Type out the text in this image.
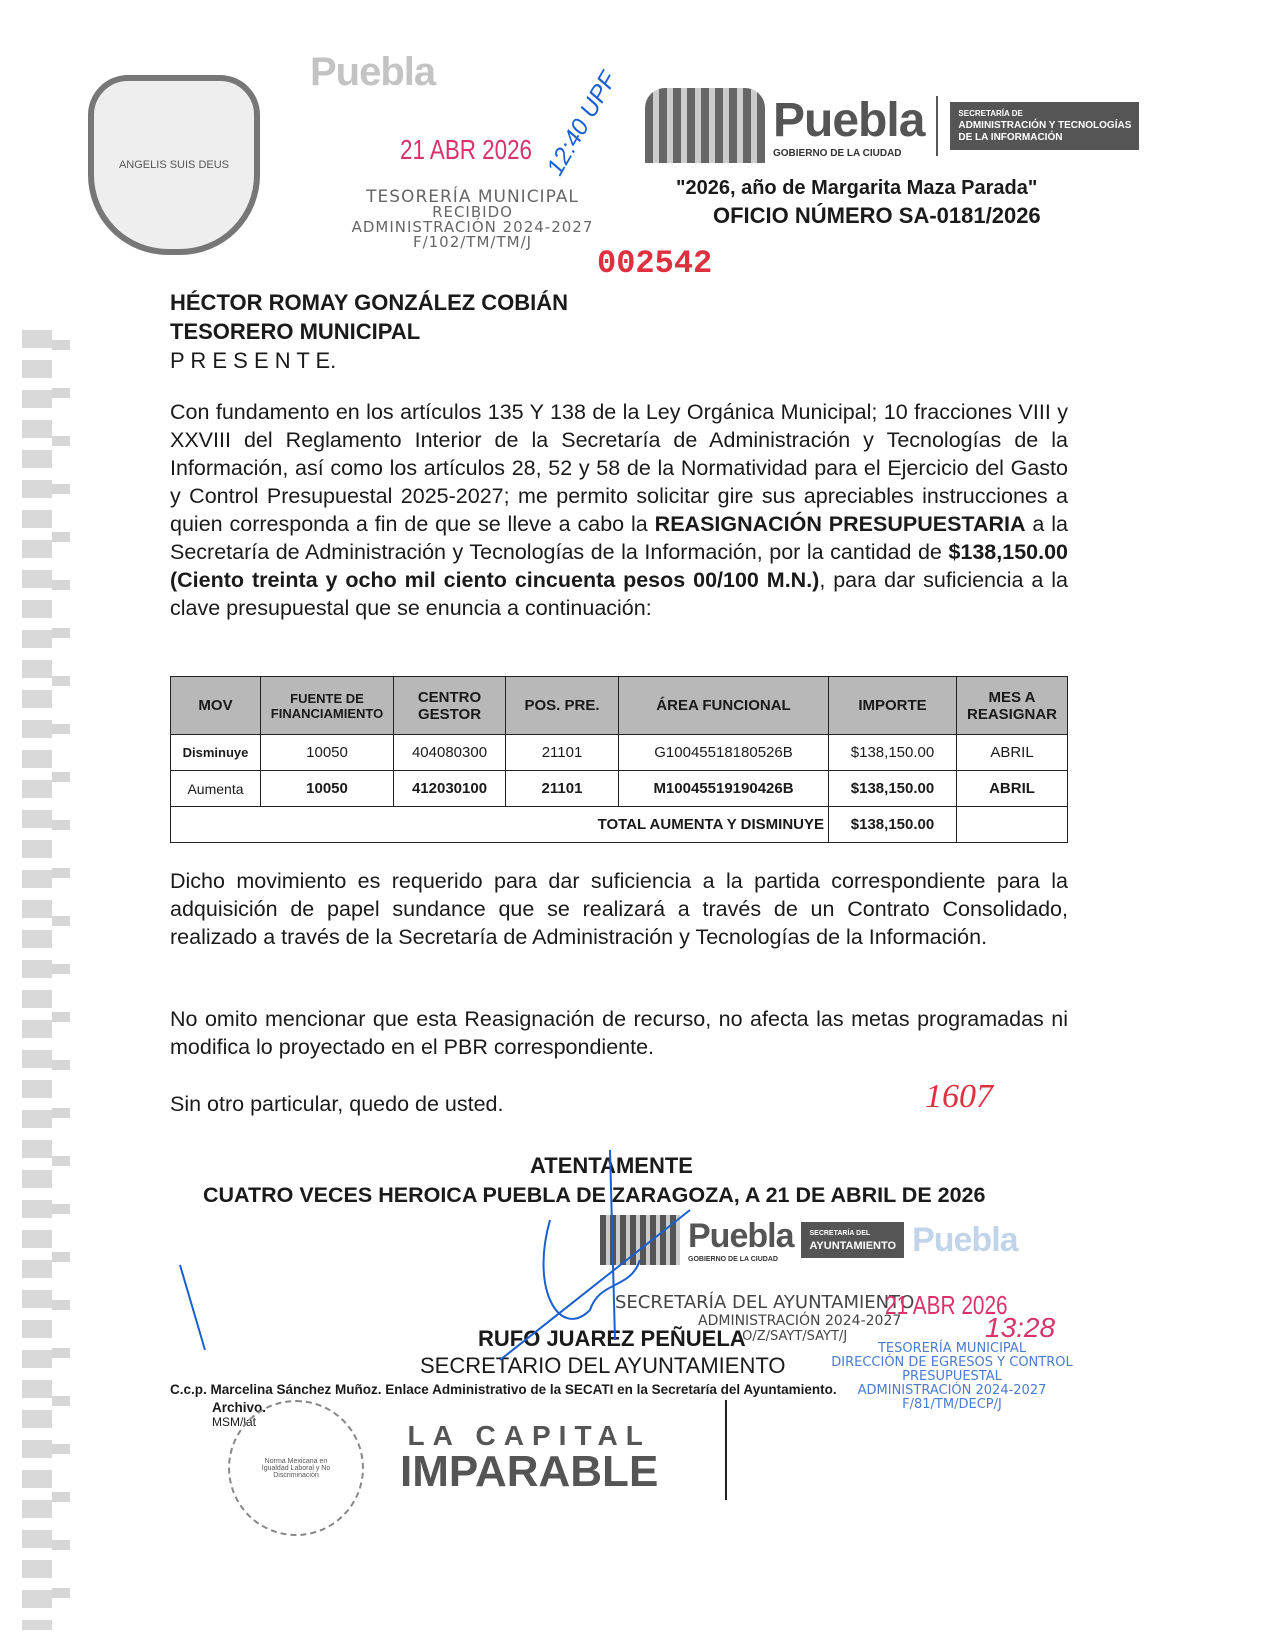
ANGELIS SUIS DEUS
Puebla
Puebla
GOBIERNO DE LA CIUDAD
SECRETARÍA DE
ADMINISTRACIÓN Y TECNOLOGÍAS
DE LA INFORMACIÓN
"2026, año de Margarita Maza Parada"
OFICIO NÚMERO SA-0181/2026
21 ABR 2026 12:40 UPF
TESORERÍA MUNICIPAL
RECIBIDO
ADMINISTRACIÓN 2024-2027
F/102/TM/TM/J
002542
HÉCTOR ROMAY GONZÁLEZ COBIÁN
TESORERO MUNICIPAL
P R E S E N T E.

Con fundamento en los artículos 135 Y 138 de la Ley Orgánica Municipal; 10 fracciones VIII y XXVIII del Reglamento Interior de la Secretaría de Administración y Tecnologías de la Información, así como los artículos 28, 52 y 58 de la Normatividad para el Ejercicio del Gasto y Control Presupuestal 2025-2027; me permito solicitar gire sus apreciables instrucciones a quien corresponda a fin de que se lleve a cabo la REASIGNACIÓN PRESUPUESTARIA a la Secretaría de Administración y Tecnologías de la Información, por la cantidad de $138,150.00 (Ciento treinta y ocho mil ciento cincuenta pesos 00/100 M.N.), para dar suficiencia a la clave presupuestal que se enuncia a continuación:

MOV	FUENTE DE FINANCIAMIENTO	CENTRO GESTOR	POS. PRE.	ÁREA FUNCIONAL	IMPORTE	MES A REASIGNAR
Disminuye	10050	404080300	21101	G10045518180526B	$138,150.00	ABRIL
Aumenta	10050	412030100	21101	M10045519190426B	$138,150.00	ABRIL
TOTAL AUMENTA Y DISMINUYE					$138,150.00	

Dicho movimiento es requerido para dar suficiencia a la partida correspondiente para la adquisición de papel sundance que se realizará a través de un Contrato Consolidado, realizado a través de la Secretaría de Administración y Tecnologías de la Información.

No omito mencionar que esta Reasignación de recurso, no afecta las metas programadas ni modifica lo proyectado en el PBR correspondiente.

Sin otro particular, quedo de usted.	1607
ATENTAMENTE
CUATRO VECES HEROICA PUEBLA DE ZARAGOZA, A 21 DE ABRIL DE 2026
Puebla
GOBIERNO DE LA CIUDAD
SECRETARÍA DEL
AYUNTAMIENTO Puebla
SECRETARÍA DEL AYUNTAMIENTO
ADMINISTRACIÓN 2024-2027
O/Z/SAYT/SAYT/J
21 ABR 2026
13:28
TESORERÍA MUNICIPAL
DIRECCIÓN DE EGRESOS Y CONTROL
PRESUPUESTAL
ADMINISTRACIÓN 2024-2027
F/81/TM/DECP/J
RUFO JUAREZ PEÑUELA
SECRETARIO DEL AYUNTAMIENTO
C.c.p. Marcelina Sánchez Muñoz. Enlace Administrativo de la SECATI en la Secretaría del Ayuntamiento.
Archivo.
MSM/lat
Norma Mexicana en Igualdad Laboral y No Discriminación
LA CAPITAL
IMPARABLE
